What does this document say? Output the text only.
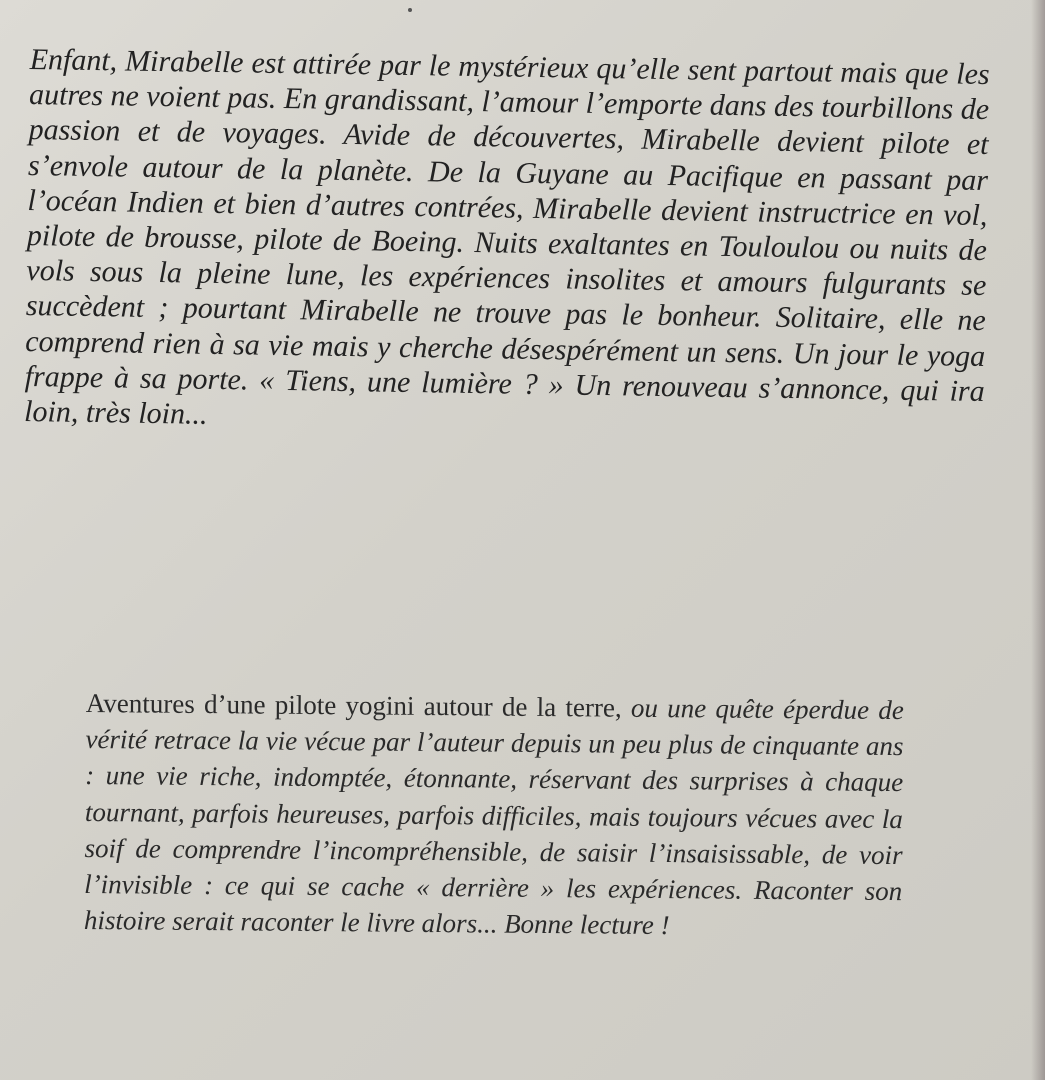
Enfant, Mirabelle est attirée par le mystérieux qu’elle sent partout mais que les autres ne voient pas. En grandissant, l’amour l’emporte dans des tourbillons de passion et de voyages. Avide de découvertes, Mirabelle devient pilote et s’envole autour de la planète. De la Guyane au Pacifique en passant par l’océan Indien et bien d’autres contrées, Mirabelle devient instructrice en vol, pilote de brousse, pilote de Boeing. Nuits exaltantes en Touloulou ou nuits de vols sous la pleine lune, les expériences insolites et amours fulgurants se succèdent ; pourtant Mirabelle ne trouve pas le bonheur. Solitaire, elle ne comprend rien à sa vie mais y cherche désespérément un sens. Un jour le yoga frappe à sa porte. « Tiens, une lumière ? » Un renouveau s’annonce, qui ira loin, très loin...

Aventures d’une pilote yogini autour de la terre, ou une quête éperdue de vérité retrace la vie vécue par l’auteur depuis un peu plus de cinquante ans : une vie riche, indomptée, étonnante, réservant des surprises à chaque tournant, parfois heureuses, parfois difficiles, mais toujours vécues avec la soif de comprendre l’incompréhensible, de saisir l’insaisissable, de voir l’invisible : ce qui se cache « derrière » les expériences. Raconter son histoire serait raconter le livre alors... Bonne lecture !
